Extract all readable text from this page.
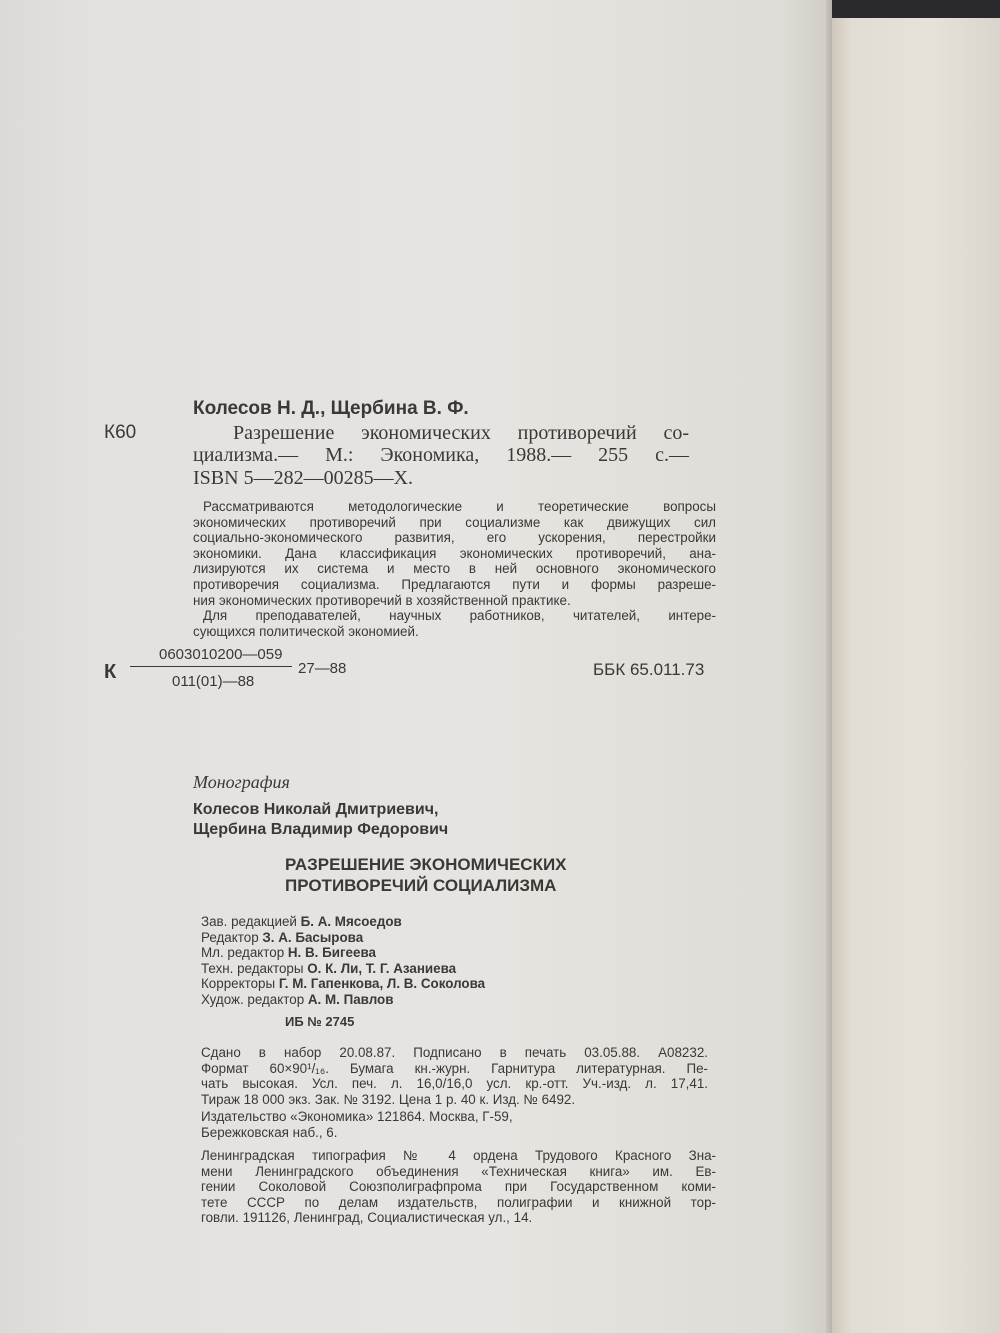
Колесов Н. Д., Щербина В. Ф.
К60	Разрешение экономических противоречий со-
циализма.— М.: Экономика, 1988.— 255 с.—
ISBN 5—282—00285—X.
Рассматриваются методологические и теоретические вопросы
экономических противоречий при социализме как движущих сил
социально-экономического развития, его ускорения, перестройки
экономики. Дана классификация экономических противоречий, ана-
лизируются их система и место в ней основного экономического
противоречия социализма. Предлагаются пути и формы разреше-
ния экономических противоречий в хозяйственной практике.
Для преподавателей, научных работников, читателей, интере-
сующихся политической экономией.
К
0603010200—059
011(01)—88
27—88	ББК 65.011.73
Монография
Колесов Николай Дмитриевич,
Щербина Владимир Федорович
РАЗРЕШЕНИЕ ЭКОНОМИЧЕСКИХ
ПРОТИВОРЕЧИЙ СОЦИАЛИЗМА
Зав. редакцией Б. А. Мясоедов
Редактор З. А. Басырова
Мл. редактор Н. В. Бигеева
Техн. редакторы О. К. Ли, Т. Г. Азаниева
Корректоры Г. М. Гапенкова, Л. В. Соколова
Худож. редактор А. М. Павлов
ИБ № 2745
Сдано в набор 20.08.87. Подписано в печать 03.05.88. А08232.
Формат 60×90¹/₁₆. Бумага кн.-журн. Гарнитура литературная. Пе-
чать высокая. Усл. печ. л. 16,0/16,0 усл. кр.-отт. Уч.-изд. л. 17,41.
Тираж 18 000 экз. Зак. № 3192. Цена 1 р. 40 к. Изд. № 6492.
Издательство «Экономика» 121864. Москва, Г-59,
Бережковская наб., 6.
Ленинградская типография № 4 ордена Трудового Красного Зна-
мени Ленинградского объединения «Техническая книга» им. Ев-
гении Соколовой Союзполиграфпрома при Государственном коми-
тете СССР по делам издательств, полиграфии и книжной тор-
говли. 191126, Ленинград, Социалистическая ул., 14.
